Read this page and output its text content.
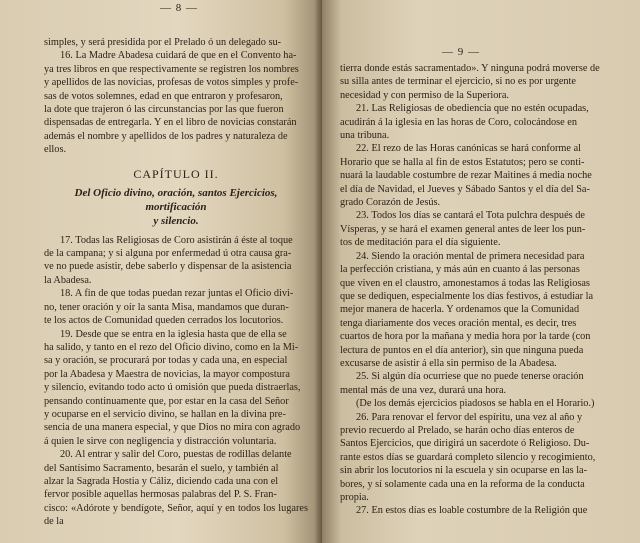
— 8 —

simples, y será presidida por el Prelado ó un delegado su-

16. La Madre Abadesa cuidará de que en el Convento ha-

ya tres libros en que respectivamente se registren los nombres

y apellidos de las novicias, profesas de votos simples y profe-

sas de votos solemnes, edad en que entraron y profesaron,

la dote que trajeron ó las circunstancias por las que fueron

dispensadas de entregarla. Y en el libro de novicias constarán

además el nombre y apellidos de los padres y naturaleza de

ellos.

CAPÍTULO II.
Del Oficio divino, oración, santos Ejercicios, mortificación
y silencio.

17. Todas las Religiosas de Coro asistirán á éste al toque

de la campana; y si alguna por enfermedad ú otra causa gra-

ve no puede asistir, debe saberlo y dispensar de la asistencia

la Abadesa.

18. A fin de que todas puedan rezar juntas el Oficio divi-

no, tener oración y oír la santa Misa, mandamos que duran-

te los actos de Comunidad queden cerrados los locutorios.

19. Desde que se entra en la iglesia hasta que de ella se

ha salido, y tanto en el rezo del Oficio divino, como en la Mi-

sa y oración, se procurará por todas y cada una, en especial

por la Abadesa y Maestra de novicias, la mayor compostura

y silencio, evitando todo acto ú omisión que pueda distraerlas,

pensando continuamente que, por estar en la casa del Señor

y ocuparse en el servicio divino, se hallan en la divina pre-

sencia de una manera especial, y que Dios no mira con agrado

á quien le sirve con negligencia y distracción voluntaria.

20. Al entrar y salir del Coro, puestas de rodillas delante

del Santísimo Sacramento, besarán el suelo, y también al

alzar la Sagrada Hostia y Cáliz, diciendo cada una con el

fervor posible aquellas hermosas palabras del P. S. Fran-

cisco: «Adórote y bendígote, Señor, aquí y en todos los lugares de la

— 9 —

tierra donde estás sacramentado». Y ninguna podrá moverse de

su silla antes de terminar el ejercicio, si no es por urgente

necesidad y con permiso de la Superiora.

21. Las Religiosas de obediencia que no estén ocupadas,

acudirán á la iglesia en las horas de Coro, colocándose en

una tribuna.

22. El rezo de las Horas canónicas se hará conforme al

Horario que se halla al fin de estos Estatutos; pero se conti-

nuará la laudable costumbre de rezar Maitines á media noche

el día de Navidad, el Jueves y Sábado Santos y el día del Sa-

grado Corazón de Jesús.

23. Todos los días se cantará el Tota pulchra después de

Vísperas, y se hará el examen general antes de leer los pun-

tos de meditación para el día siguiente.

24. Siendo la oración mental de primera necesidad para

la perfección cristiana, y más aún en cuanto á las personas

que viven en el claustro, amonestamos á todas las Religiosas

que se dediquen, especialmente los días festivos, á estudiar la

mejor manera de hacerla. Y ordenamos que la Comunidad

tenga diariamente dos veces oración mental, es decir, tres

cuartos de hora por la mañana y media hora por la tarde (con

lectura de puntos en el día anterior), sin que ninguna pueda

excusarse de asistir á ella sin permiso de la Abadesa.

25. Si algún día ocurriese que no puede tenerse oración

mental más de una vez, durará una hora.

(De los demás ejercicios piadosos se habla en el Horario.)

26. Para renovar el fervor del espíritu, una vez al año y

previo recuerdo al Prelado, se harán ocho días enteros de

Santos Ejercicios, que dirigirá un sacerdote ó Religioso. Du-

rante estos días se guardará completo silencio y recogimiento,

sin abrir los locutorios ni la escuela y sin ocuparse en las la-

bores, y sí solamente cada una en la reforma de la conducta

propia.

27. En estos días es loable costumbre de la Religión que
